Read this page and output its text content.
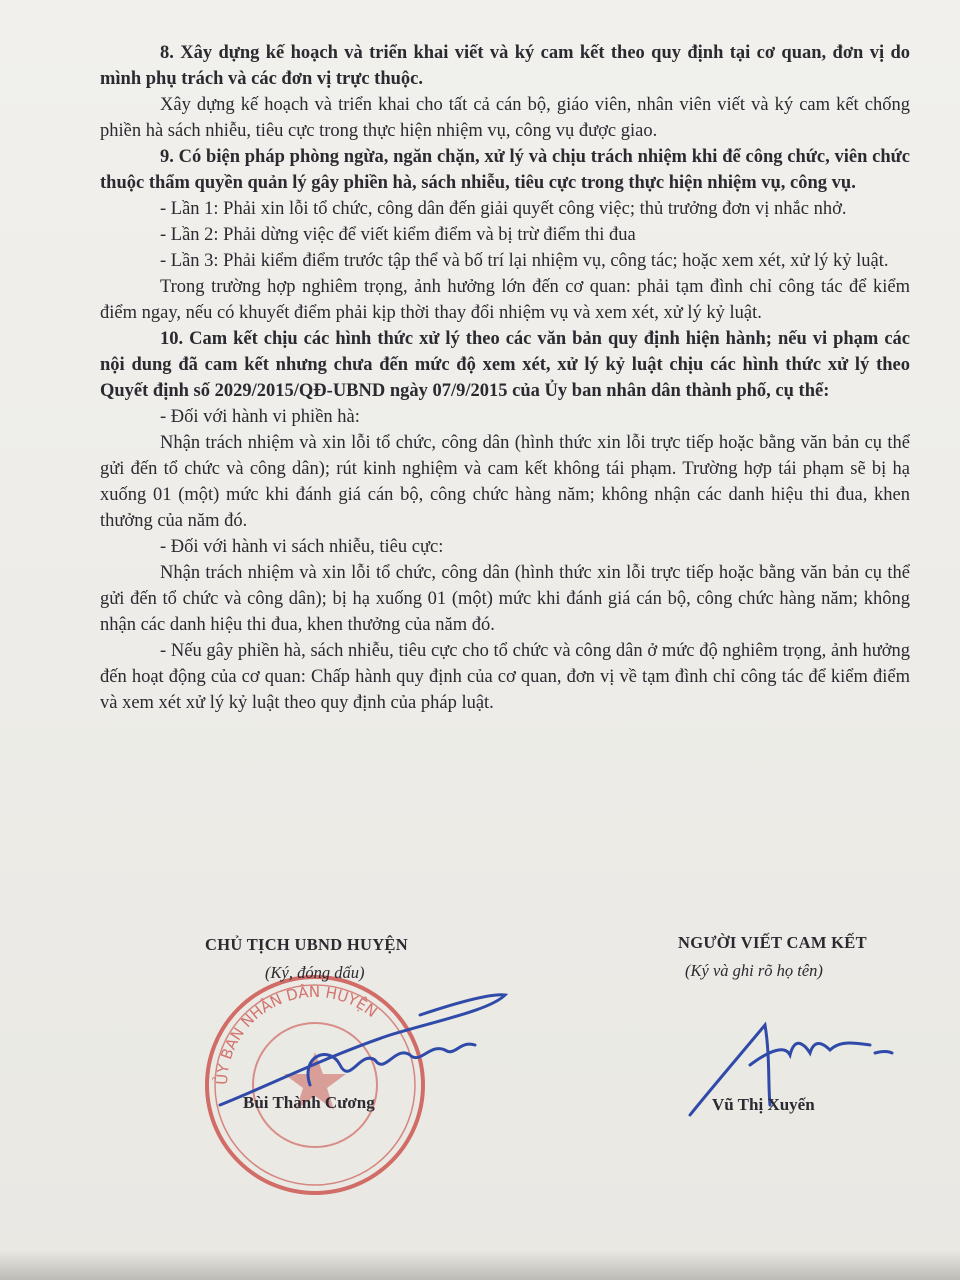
8. Xây dựng kế hoạch và triển khai viết và ký cam kết theo quy định tại cơ quan, đơn vị do mình phụ trách và các đơn vị trực thuộc.

Xây dựng kế hoạch và triển khai cho tất cả cán bộ, giáo viên, nhân viên viết và ký cam kết chống phiền hà sách nhiễu, tiêu cực trong thực hiện nhiệm vụ, công vụ được giao.

9. Có biện pháp phòng ngừa, ngăn chặn, xử lý và chịu trách nhiệm khi để công chức, viên chức thuộc thẩm quyền quản lý gây phiền hà, sách nhiễu, tiêu cực trong thực hiện nhiệm vụ, công vụ.

- Lần 1: Phải xin lỗi tổ chức, công dân đến giải quyết công việc; thủ trưởng đơn vị nhắc nhở.

- Lần 2: Phải dừng việc để viết kiểm điểm và bị trừ điểm thi đua

- Lần 3: Phải kiểm điểm trước tập thể và bố trí lại nhiệm vụ, công tác; hoặc xem xét, xử lý kỷ luật.

Trong trường hợp nghiêm trọng, ảnh hưởng lớn đến cơ quan: phải tạm đình chỉ công tác để kiểm điểm ngay, nếu có khuyết điểm phải kịp thời thay đổi nhiệm vụ và xem xét, xử lý kỷ luật.

10. Cam kết chịu các hình thức xử lý theo các văn bản quy định hiện hành; nếu vi phạm các nội dung đã cam kết nhưng chưa đến mức độ xem xét, xử lý kỷ luật chịu các hình thức xử lý theo Quyết định số 2029/2015/QĐ-UBND ngày 07/9/2015 của Ủy ban nhân dân thành phố, cụ thể:

- Đối với hành vi phiền hà:

Nhận trách nhiệm và xin lỗi tổ chức, công dân (hình thức xin lỗi trực tiếp hoặc bằng văn bản cụ thể gửi đến tổ chức và công dân); rút kinh nghiệm và cam kết không tái phạm. Trường hợp tái phạm sẽ bị hạ xuống 01 (một) mức khi đánh giá cán bộ, công chức hàng năm; không nhận các danh hiệu thi đua, khen thưởng của năm đó.

- Đối với hành vi sách nhiễu, tiêu cực:

Nhận trách nhiệm và xin lỗi tổ chức, công dân (hình thức xin lỗi trực tiếp hoặc bằng văn bản cụ thể gửi đến tổ chức và công dân); bị hạ xuống 01 (một) mức khi đánh giá cán bộ, công chức hàng năm; không nhận các danh hiệu thi đua, khen thưởng của năm đó.

- Nếu gây phiền hà, sách nhiễu, tiêu cực cho tổ chức và công dân ở mức độ nghiêm trọng, ảnh hưởng đến hoạt động của cơ quan: Chấp hành quy định của cơ quan, đơn vị về tạm đình chỉ công tác để kiểm điểm và xem xét xử lý kỷ luật theo quy định của pháp luật.

ỦY BAN NHÂN DÂN HUYỆN
CHỦ TỊCH UBND HUYỆN
(Ký, đóng dấu)
Bùi Thành Cương
NGƯỜI VIẾT CAM KẾT
(Ký và ghi rõ họ tên)
Vũ Thị Xuyến
